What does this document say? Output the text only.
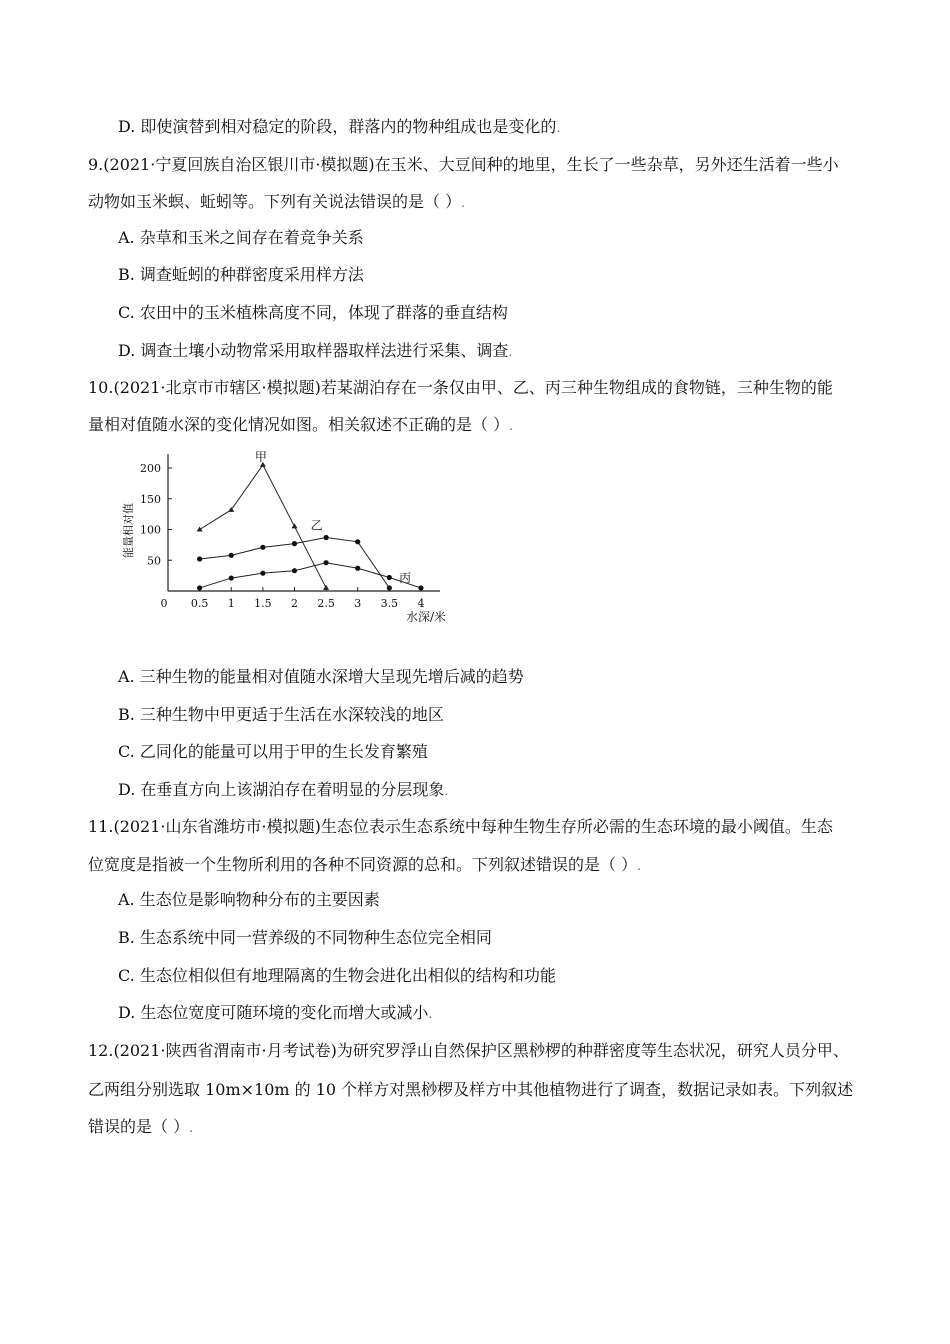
D. 即使演替到相对稳定的阶段，群落内的物种组成也是变化的.
9.(2021·宁夏回族自治区银川市·模拟题)在玉米、大豆间种的地里，生长了一些杂草，另外还生活着一些小
动物如玉米螟、蚯蚓等。下列有关说法错误的是（ ）.
A. 杂草和玉米之间存在着竞争关系
B. 调查蚯蚓的种群密度采用样方法
C. 农田中的玉米植株高度不同，体现了群落的垂直结构
D. 调查土壤小动物常采用取样器取样法进行采集、调查.
10.(2021·北京市市辖区·模拟题)若某湖泊存在一条仅由甲、乙、丙三种生物组成的食物链，三种生物的能
量相对值随水深的变化情况如图。相关叙述不正确的是（ ）.
0 0.5 1 1.5 2 2.5 3 3.5 4
50
100
150
200
水深/米
能量相对值
甲
乙
丙
A. 三种生物的能量相对值随水深增大呈现先增后减的趋势
B. 三种生物中甲更适于生活在水深较浅的地区
C. 乙同化的能量可以用于甲的生长发育繁殖
D. 在垂直方向上该湖泊存在着明显的分层现象.
11.(2021·山东省潍坊市·模拟题)生态位表示生态系统中每种生物生存所必需的生态环境的最小阈值。生态
位宽度是指被一个生物所利用的各种不同资源的总和。下列叙述错误的是（ ）.
A. 生态位是影响物种分布的主要因素
B. 生态系统中同一营养级的不同物种生态位完全相同
C. 生态位相似但有地理隔离的生物会进化出相似的结构和功能
D. 生态位宽度可随环境的变化而增大或减小.
12.(2021·陕西省渭南市·月考试卷)为研究罗浮山自然保护区黑桫椤的种群密度等生态状况，研究人员分甲、
乙两组分别选取 10m×10m 的 10 个样方对黑桫椤及样方中其他植物进行了调查，数据记录如表。下列叙述
错误的是（ ）.
